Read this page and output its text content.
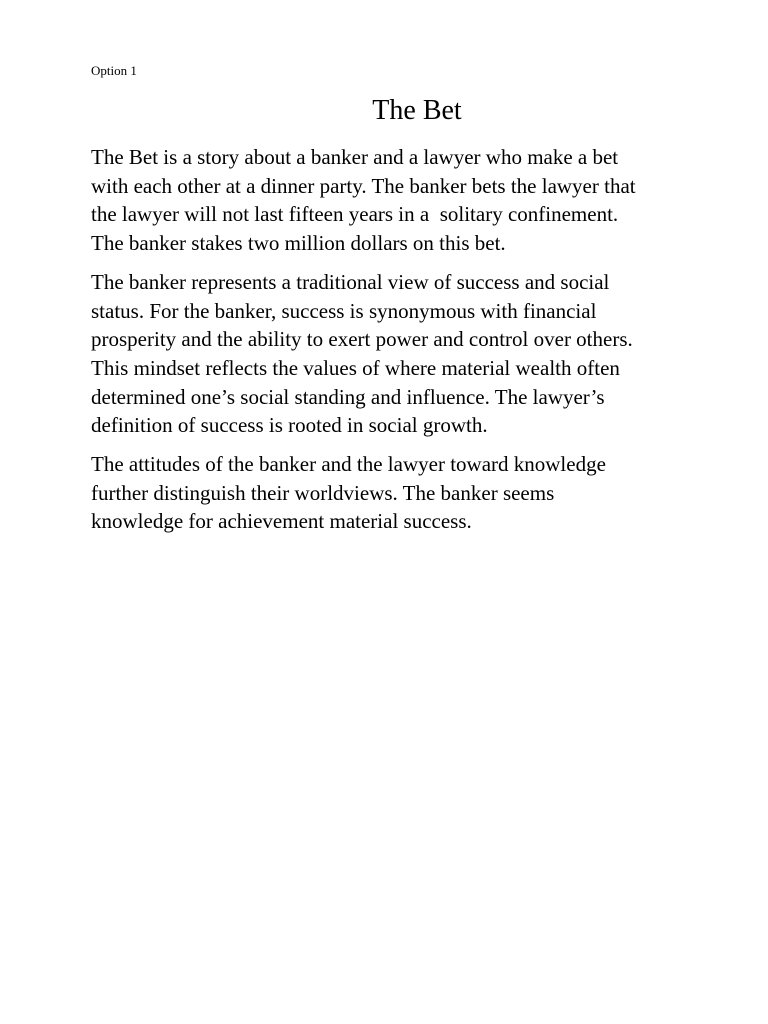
Option 1
The Bet

The Bet is a story about a banker and a lawyer who make a bet
with each other at a dinner party. The banker bets the lawyer that
the lawyer will not last fifteen years in a  solitary confinement.
The banker stakes two million dollars on this bet.

The banker represents a traditional view of success and social
status. For the banker, success is synonymous with financial
prosperity and the ability to exert power and control over others.
This mindset reflects the values of where material wealth often
determined one’s social standing and influence. The lawyer’s
definition of success is rooted in social growth.

The attitudes of the banker and the lawyer toward knowledge
further distinguish their worldviews. The banker seems
knowledge for achievement material success.
